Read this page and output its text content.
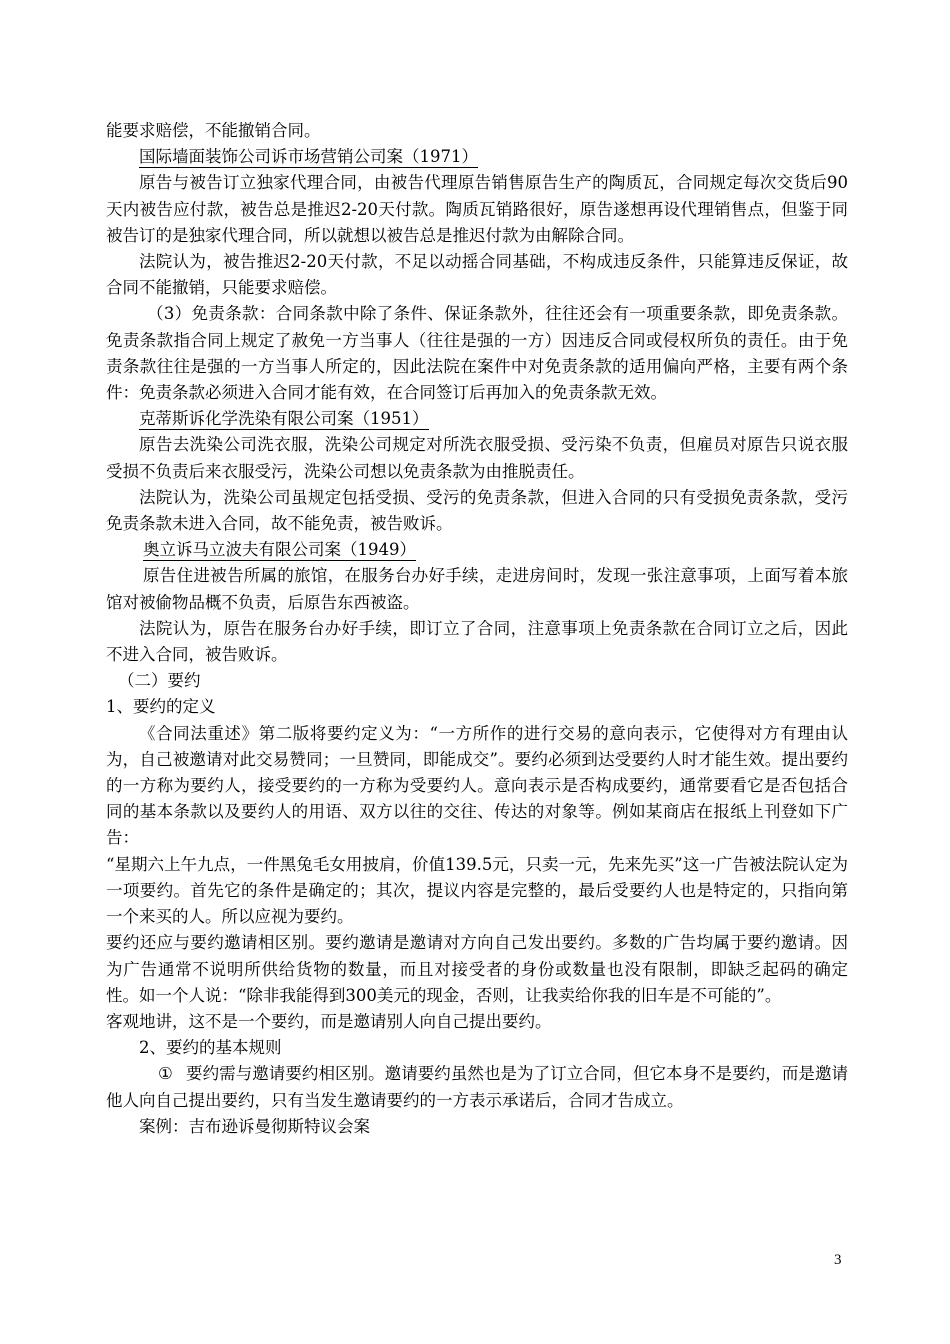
能要求赔偿，不能撤销合同。

国际墙面装饰公司诉市场营销公司案（1971）

原告与被告订立独家代理合同，由被告代理原告销售原告生产的陶质瓦，合同规定每次交货后90天内被告应付款，被告总是推迟2-20天付款。陶质瓦销路很好，原告遂想再设代理销售点，但鉴于同被告订的是独家代理合同，所以就想以被告总是推迟付款为由解除合同。

法院认为，被告推迟2-20天付款，不足以动摇合同基础，不构成违反条件，只能算违反保证，故合同不能撤销，只能要求赔偿。

（3）免责条款：合同条款中除了条件、保证条款外，往往还会有一项重要条款，即免责条款。免责条款指合同上规定了赦免一方当事人（往往是强的一方）因违反合同或侵权所负的责任。由于免责条款往往是强的一方当事人所定的，因此法院在案件中对免责条款的适用偏向严格，主要有两个条件：免责条款必须进入合同才能有效，在合同签订后再加入的免责条款无效。

克蒂斯诉化学洗染有限公司案（1951）

原告去洗染公司洗衣服，洗染公司规定对所洗衣服受损、受污染不负责，但雇员对原告只说衣服受损不负责后来衣服受污，洗染公司想以免责条款为由推脱责任。

法院认为，洗染公司虽规定包括受损、受污的免责条款，但进入合同的只有受损免责条款，受污免责条款未进入合同，故不能免责，被告败诉。

奥立诉马立波夫有限公司案（1949）

原告住进被告所属的旅馆，在服务台办好手续，走进房间时，发现一张注意事项，上面写着本旅馆对被偷物品概不负责，后原告东西被盗。

法院认为，原告在服务台办好手续，即订立了合同，注意事项上免责条款在合同订立之后，因此不进入合同，被告败诉。

（二）要约

1、要约的定义

《合同法重述》第二版将要约定义为：“一方所作的进行交易的意向表示，它使得对方有理由认为，自己被邀请对此交易赞同；一旦赞同，即能成交”。要约必须到达受要约人时才能生效。提出要约的一方称为要约人，接受要约的一方称为受要约人。意向表示是否构成要约，通常要看它是否包括合同的基本条款以及要约人的用语、双方以往的交往、传达的对象等。例如某商店在报纸上刊登如下广告：

“星期六上午九点，一件黑兔毛女用披肩，价值139.5元，只卖一元，先来先买”这一广告被法院认定为一项要约。首先它的条件是确定的；其次，提议内容是完整的，最后受要约人也是特定的，只指向第一个来买的人。所以应视为要约。

要约还应与要约邀请相区别。要约邀请是邀请对方向自己发出要约。多数的广告均属于要约邀请。因为广告通常不说明所供给货物的数量，而且对接受者的身份或数量也没有限制，即缺乏起码的确定性。如一个人说：“除非我能得到300美元的现金，否则，让我卖给你我的旧车是不可能的”。

客观地讲，这不是一个要约，而是邀请别人向自己提出要约。

2、要约的基本规则

① 要约需与邀请要约相区别。邀请要约虽然也是为了订立合同，但它本身不是要约，而是邀请他人向自己提出要约，只有当发生邀请要约的一方表示承诺后，合同才告成立。

案例：吉布逊诉曼彻斯特议会案

3
